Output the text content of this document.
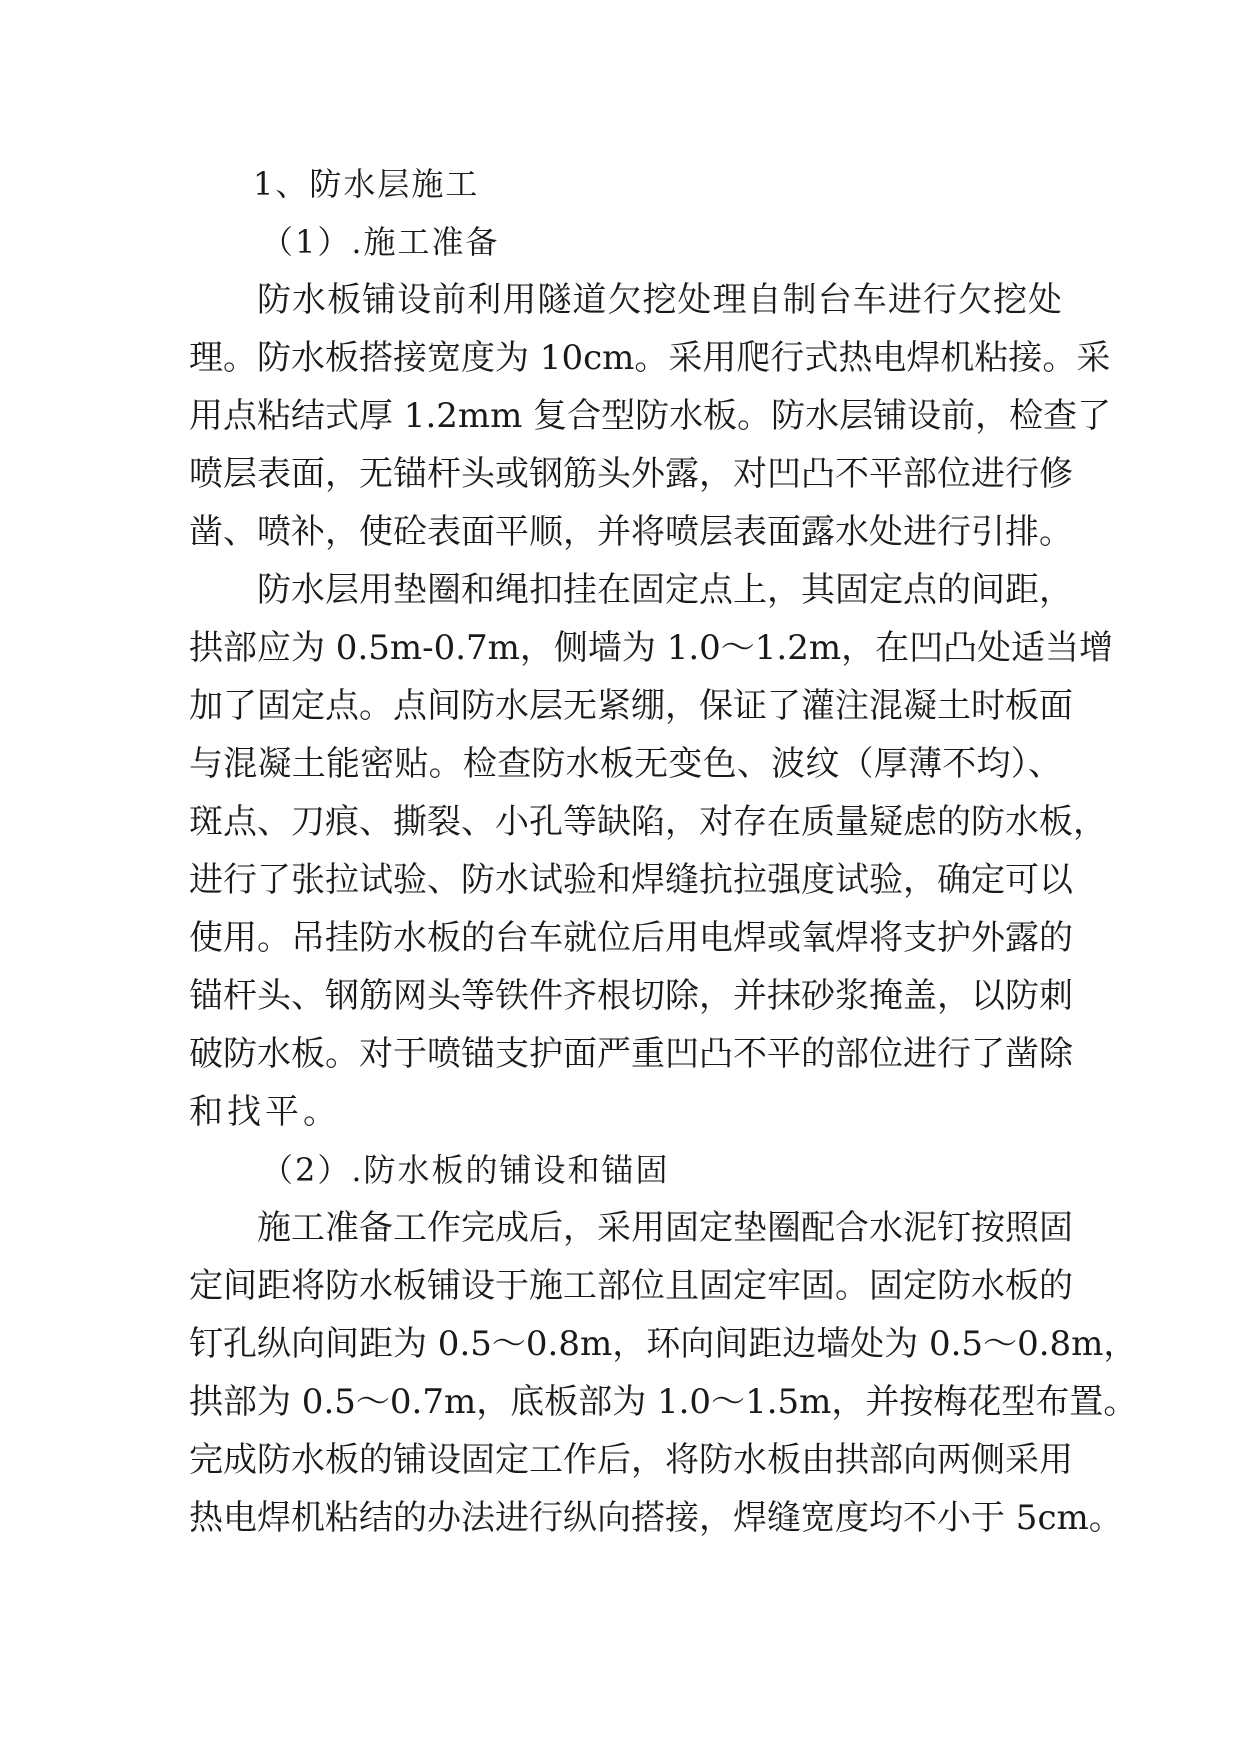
1、防水层施工
（1）.施工准备
防水板铺设前利用隧道欠挖处理自制台车进行欠挖处
理。防水板搭接宽度为 10cm。采用爬行式热电焊机粘接。采
用点粘结式厚 1.2mm 复合型防水板。防水层铺设前，检查了
喷层表面，无锚杆头或钢筋头外露，对凹凸不平部位进行修
凿、喷补，使砼表面平顺，并将喷层表面露水处进行引排。
防水层用垫圈和绳扣挂在固定点上，其固定点的间距，
拱部应为 0.5m-0.7m，侧墙为 1.0～1.2m，在凹凸处适当增
加了固定点。点间防水层无紧绷，保证了灌注混凝土时板面
与混凝土能密贴。检查防水板无变色、波纹（厚薄不均）、
斑点、刀痕、撕裂、小孔等缺陷，对存在质量疑虑的防水板，
进行了张拉试验、防水试验和焊缝抗拉强度试验，确定可以
使用。吊挂防水板的台车就位后用电焊或氧焊将支护外露的
锚杆头、钢筋网头等铁件齐根切除，并抹砂浆掩盖，以防刺
破防水板。对于喷锚支护面严重凹凸不平的部位进行了凿除
和找平。
（2）.防水板的铺设和锚固
施工准备工作完成后，采用固定垫圈配合水泥钉按照固
定间距将防水板铺设于施工部位且固定牢固。固定防水板的
钉孔纵向间距为 0.5～0.8m，环向间距边墙处为 0.5～0.8m，
拱部为 0.5～0.7m，底板部为 1.0～1.5m，并按梅花型布置。
完成防水板的铺设固定工作后，将防水板由拱部向两侧采用
热电焊机粘结的办法进行纵向搭接，焊缝宽度均不小于 5cm。
